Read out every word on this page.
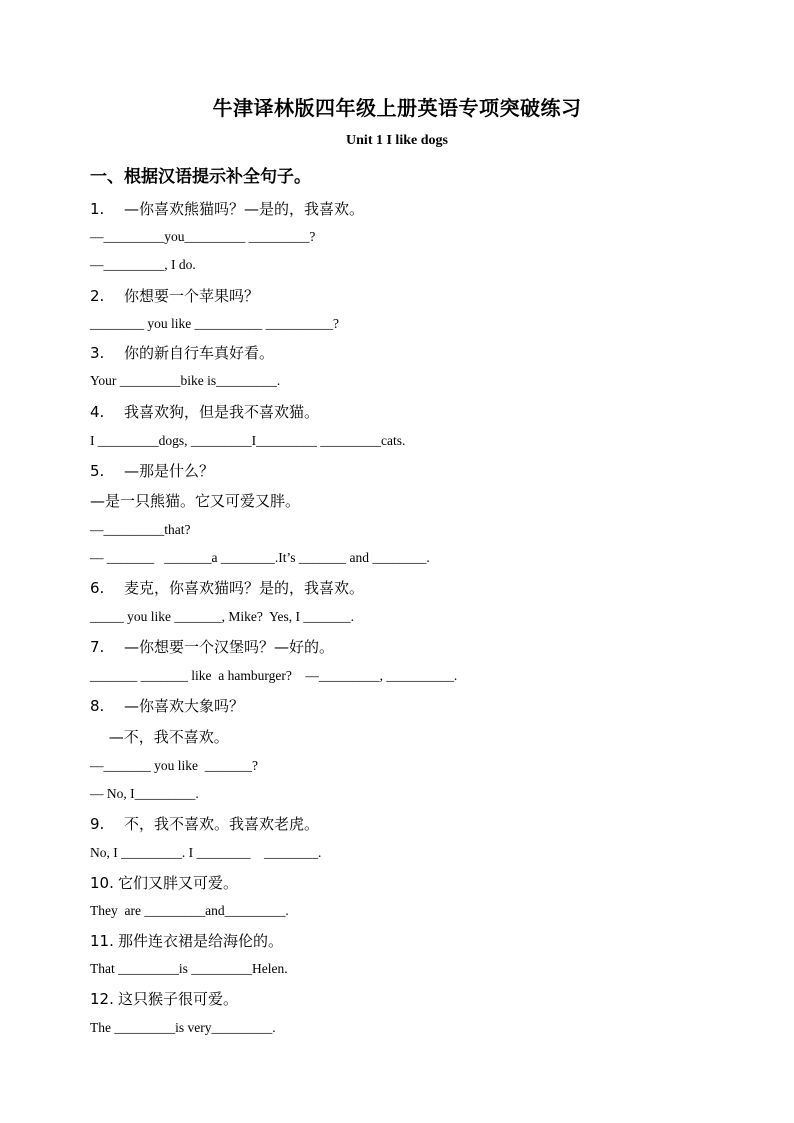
牛津译林版四年级上册英语专项突破练习
Unit 1 I like dogs
一、根据汉语提示补全句子。
1. —你喜欢熊猫吗？—是的，我喜欢。
—_________you_________ _________?
—_________, I do.
2. 你想要一个苹果吗？
________ you like __________ __________?
3. 你的新自行车真好看。
Your _________bike is_________.
4. 我喜欢狗，但是我不喜欢猫。
I _________dogs, _________I_________ _________cats.
5. —那是什么？
—是一只熊猫。它又可爱又胖。
—_________that?
— _______   _______a ________.It’s _______ and ________.
6. 麦克，你喜欢猫吗？是的，我喜欢。
_____ you like _______, Mike?  Yes, I _______.
7. —你想要一个汉堡吗？—好的。
_______ _______ like  a hamburger?    —_________, __________.
8. —你喜欢大象吗？
—不，我不喜欢。
—_______ you like  _______?
— No, I_________.
9. 不，我不喜欢。我喜欢老虎。
No, I _________. I ________    ________.
10. 它们又胖又可爱。
They  are _________and_________.
11. 那件连衣裙是给海伦的。
That _________is _________Helen.
12. 这只猴子很可爱。
The _________is very_________.
